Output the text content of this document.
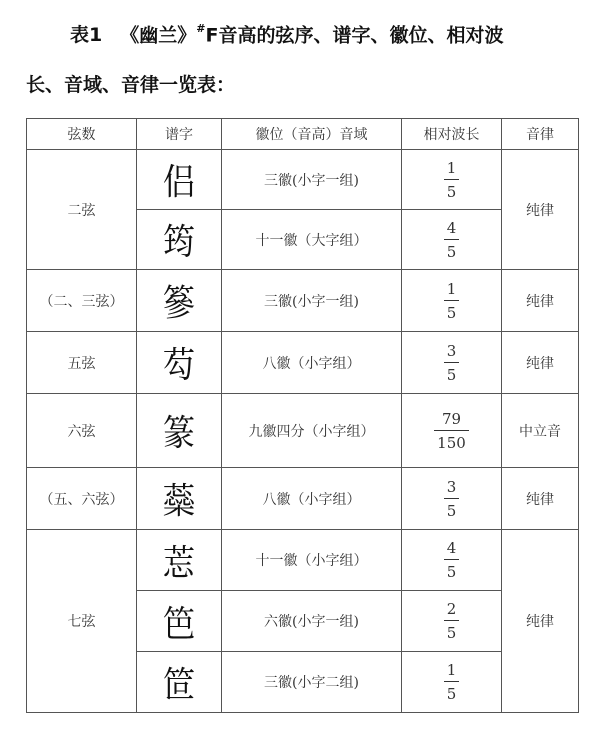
表1 《幽兰》#F音高的弦序、谱字、徽位、相对波
长、音域、音律一览表：
弦数	谱字	徽位（音高）音域	相对波长	音律
二弦	侣	三徽(小字一组)	$\frac{1}{5}$	纯律
	筠	十一徽（大字组）	$\frac{4}{5}$

（二、三弦）	篸	三徽(小字一组)	$\frac{1}{5}$	纯律
五弦	芶	八徽（小字组）	$\frac{3}{5}$	纯律
六弦	篆	九徽四分（小字组）	$\frac{79}{150}$	中立音
（五、六弦）	蘂	八徽（小字组）	$\frac{3}{5}$	纯律
七弦	莣	十一徽（小字组）	$\frac{4}{5}$	纯律
	笆	六徽(小字一组)	$\frac{2}{5}$

	笸	三徽(小字二组)	$\frac{1}{5}$
